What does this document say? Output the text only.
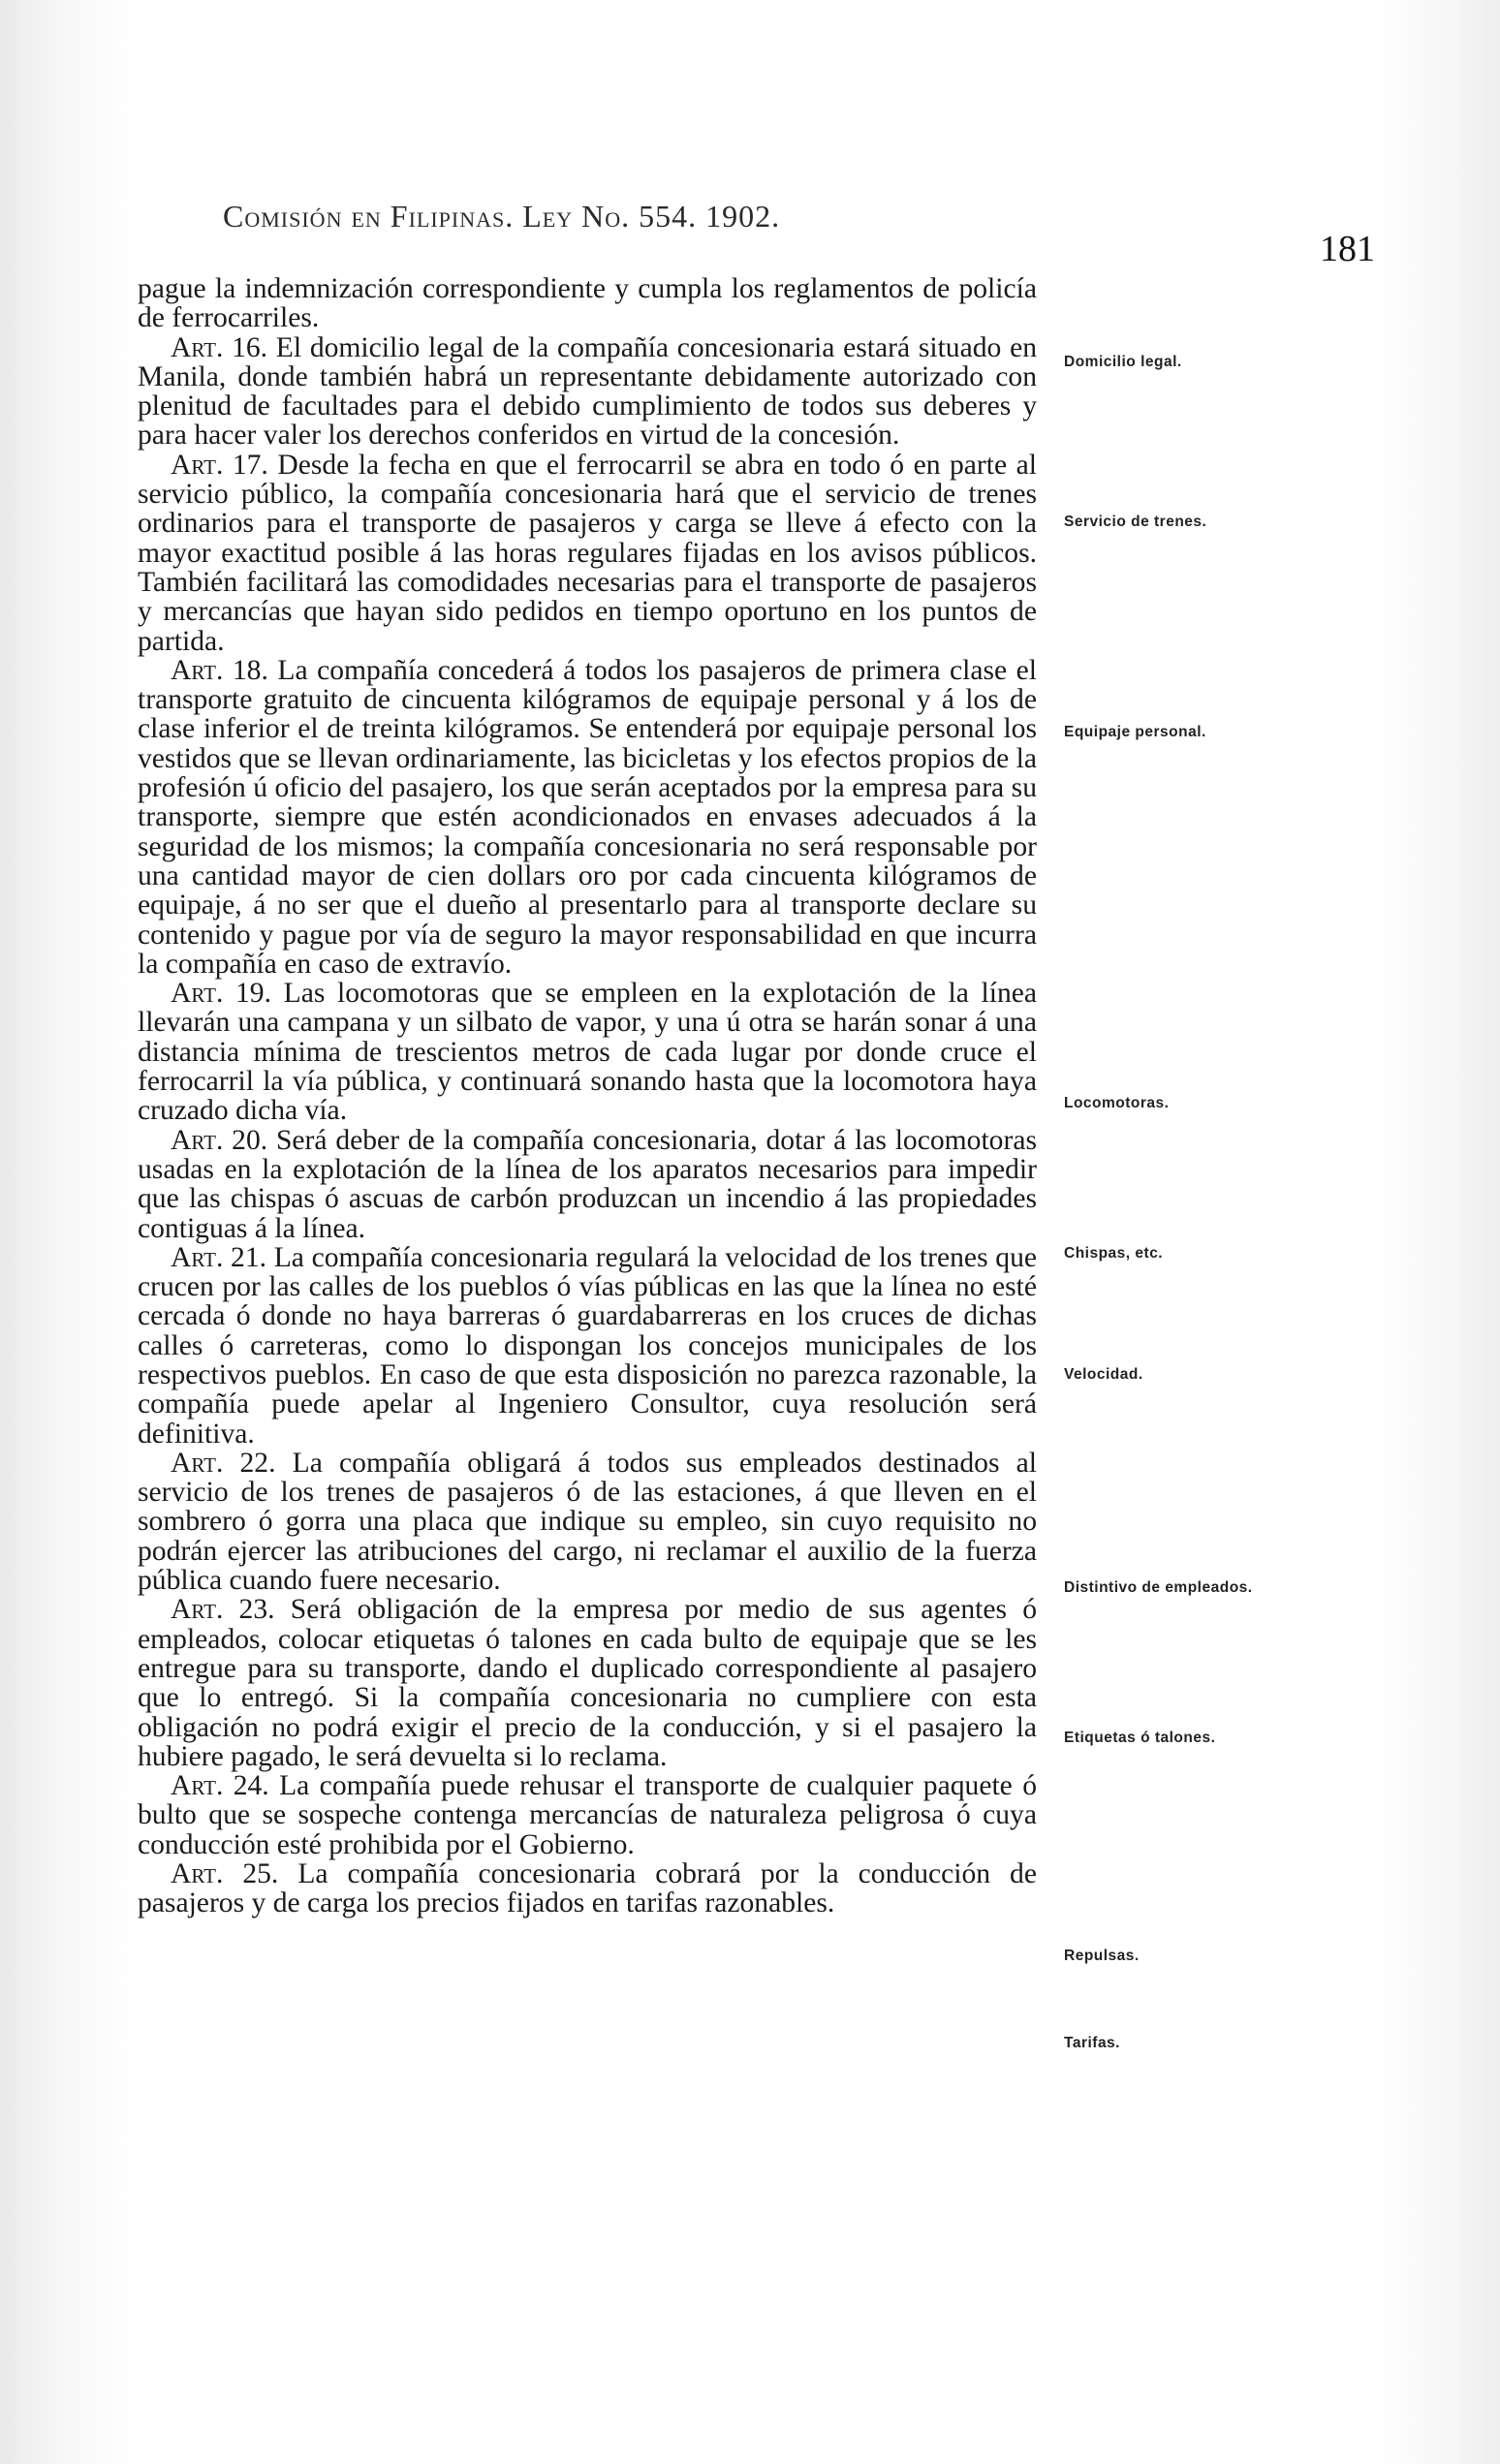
Comisión en Filipinas. Ley No. 554. 1902.
181

pague la indemnización correspondiente y cumpla los reglamentos de policía de ferrocarriles.

Art. 16. El domicilio legal de la compañía concesionaria estará situado en Manila, donde también habrá un representante debidamente autorizado con plenitud de facultades para el debido cumplimiento de todos sus deberes y para hacer valer los derechos conferidos en virtud de la concesión.

Art. 17. Desde la fecha en que el ferrocarril se abra en todo ó en parte al servicio público, la compañía concesionaria hará que el servicio de trenes ordinarios para el transporte de pasajeros y carga se lleve á efecto con la mayor exactitud posible á las horas regulares fijadas en los avisos públicos. También facilitará las comodidades necesarias para el transporte de pasajeros y mercancías que hayan sido pedidos en tiempo oportuno en los puntos de partida.

Art. 18. La compañía concederá á todos los pasajeros de primera clase el transporte gratuito de cincuenta kilógramos de equipaje personal y á los de clase inferior el de treinta kilógramos. Se entenderá por equipaje personal los vestidos que se llevan ordinariamente, las bicicletas y los efectos propios de la profesión ú oficio del pasajero, los que serán aceptados por la empresa para su transporte, siempre que estén acondicionados en envases adecuados á la seguridad de los mismos; la compañía concesionaria no será responsable por una cantidad mayor de cien dollars oro por cada cincuenta kilógramos de equipaje, á no ser que el dueño al presentarlo para al transporte declare su contenido y pague por vía de seguro la mayor responsabilidad en que incurra la compañía en caso de extravío.

Art. 19. Las locomotoras que se empleen en la explotación de la línea llevarán una campana y un silbato de vapor, y una ú otra se harán sonar á una distancia mínima de trescientos metros de cada lugar por donde cruce el ferrocarril la vía pública, y continuará sonando hasta que la locomotora haya cruzado dicha vía.

Art. 20. Será deber de la compañía concesionaria, dotar á las locomotoras usadas en la explotación de la línea de los aparatos necesarios para impedir que las chispas ó ascuas de carbón produzcan un incendio á las propiedades contiguas á la línea.

Art. 21. La compañía concesionaria regulará la velocidad de los trenes que crucen por las calles de los pueblos ó vías públicas en las que la línea no esté cercada ó donde no haya barreras ó guardabarreras en los cruces de dichas calles ó carreteras, como lo dispongan los concejos municipales de los respectivos pueblos. En caso de que esta disposición no parezca razonable, la compañía puede apelar al Ingeniero Consultor, cuya resolución será definitiva.

Art. 22. La compañía obligará á todos sus empleados destinados al servicio de los trenes de pasajeros ó de las estaciones, á que lleven en el sombrero ó gorra una placa que indique su empleo, sin cuyo requisito no podrán ejercer las atribuciones del cargo, ni reclamar el auxilio de la fuerza pública cuando fuere necesario.

Art. 23. Será obligación de la empresa por medio de sus agentes ó empleados, colocar etiquetas ó talones en cada bulto de equipaje que se les entregue para su transporte, dando el duplicado correspondiente al pasajero que lo entregó. Si la compañía concesionaria no cumpliere con esta obligación no podrá exigir el precio de la conducción, y si el pasajero la hubiere pagado, le será devuelta si lo reclama.

Art. 24. La compañía puede rehusar el transporte de cualquier paquete ó bulto que se sospeche contenga mercancías de naturaleza peligrosa ó cuya conducción esté prohibida por el Gobierno.

Art. 25. La compañía concesionaria cobrará por la conducción de pasajeros y de carga los precios fijados en tarifas razonables.

Domicilio legal.
Servicio de trenes.
Equipaje personal.
Locomotoras.
Chispas, etc.
Velocidad.
Distintivo de empleados.
Etiquetas ó talones.
Repulsas.
Tarifas.
